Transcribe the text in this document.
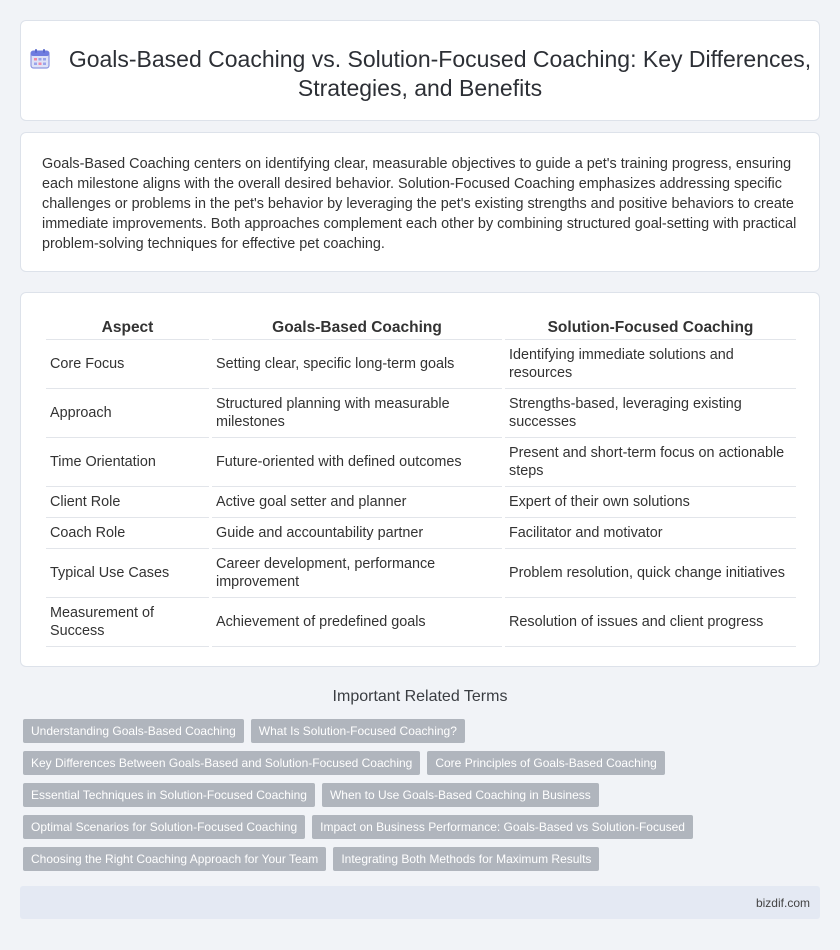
Goals-Based Coaching vs. Solution-Focused Coaching: Key Differences, Strategies, and Benefits

Goals-Based Coaching centers on identifying clear, measurable objectives to guide a pet's training progress, ensuring each milestone aligns with the overall desired behavior. Solution-Focused Coaching emphasizes addressing specific challenges or problems in the pet's behavior by leveraging the pet's existing strengths and positive behaviors to create immediate improvements. Both approaches complement each other by combining structured goal-setting with practical problem-solving techniques for effective pet coaching.

Aspect	Goals-Based Coaching	Solution-Focused Coaching
Core Focus	Setting clear, specific long-term goals	Identifying immediate solutions and resources
Approach	Structured planning with measurable milestones	Strengths-based, leveraging existing successes
Time Orientation	Future-oriented with defined outcomes	Present and short-term focus on actionable steps
Client Role	Active goal setter and planner	Expert of their own solutions
Coach Role	Guide and accountability partner	Facilitator and motivator
Typical Use Cases	Career development, performance improvement	Problem resolution, quick change initiatives
Measurement of Success	Achievement of predefined goals	Resolution of issues and client progress
Important Related Terms
Understanding Goals-Based Coaching	What Is Solution-Focused Coaching?
Key Differences Between Goals-Based and Solution-Focused Coaching	Core Principles of Goals-Based Coaching
Essential Techniques in Solution-Focused Coaching	When to Use Goals-Based Coaching in Business
Optimal Scenarios for Solution-Focused Coaching	Impact on Business Performance: Goals-Based vs Solution-Focused
Choosing the Right Coaching Approach for Your Team	Integrating Both Methods for Maximum Results
bizdif.com
